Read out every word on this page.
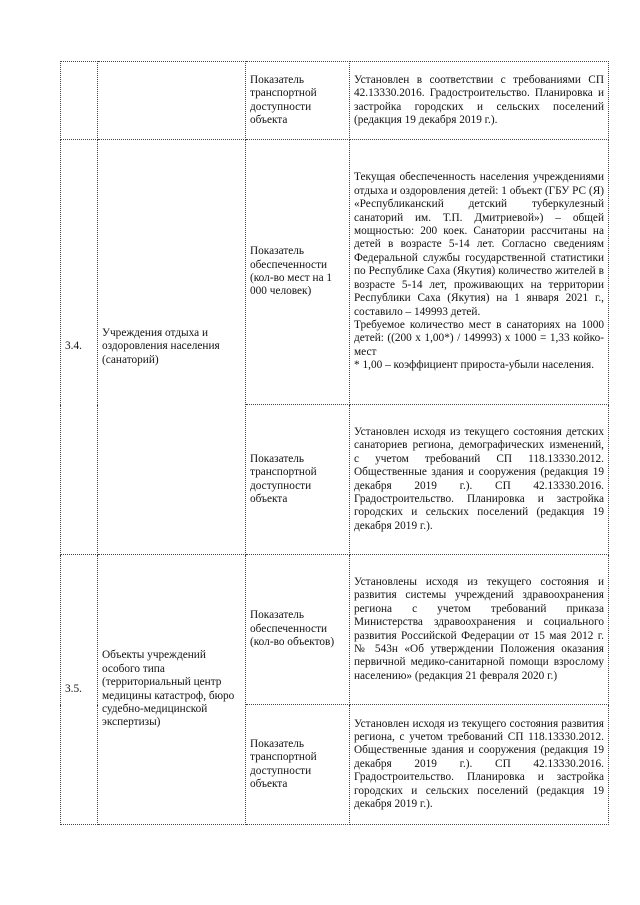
		Показатель транспортной доступности объекта	Установлен в соответствии с требованиями СП 42.13330.2016. Градостроительство. Планировка и застройка городских и сельских поселений (редакция 19 декабря 2019 г.).

3.4.	Учреждения отдыха и оздоровления населения (санаторий)	Показатель обеспеченности (кол-во мест на 1 000 человек)	Текущая обеспеченность населения учреждениями отдыха и оздоровления детей: 1 объект (ГБУ РС (Я) «Республиканский детский туберкулезный санаторий им. Т.П. Дмитриевой») – общей мощностью: 200 коек. Санатории рассчитаны на детей в возрасте 5-14 лет. Согласно сведениям Федеральной службы государственной статистики по Республике Саха (Якутия) количество жителей в возрасте 5-14 лет, проживающих на территории Республики Саха (Якутия) на 1 января 2021 г., составило – 149993 детей.

Требуемое количество мест в санаториях на 1000 детей: ((200 х 1,00*) / 149993) х 1000 = 1,33 койко-мест

* 1,00 – коэффициент прироста-убыли населения.

		Показатель транспортной доступности объекта	Установлен исходя из текущего состояния детских санаториев региона, демографических изменений, с учетом требований СП 118.13330.2012. Общественные здания и сооружения (редакция 19 декабря 2019 г.). СП 42.13330.2016. Градостроительство. Планировка и застройка городских и сельских поселений (редакция 19 декабря 2019 г.).

3.5.	Объекты учреждений особого типа (территориальный центр медицины катастроф, бюро судебно-медицинской экспертизы)	Показатель обеспеченности (кол-во объектов)	Установлены исходя из текущего состояния и развития системы учреждений здравоохранения региона с учетом требований приказа Министерства здравоохранения и социального развития Российской Федерации от 15 мая 2012 г. № 543н «Об утверждении Положения оказания первичной медико-санитарной помощи взрослому населению» (редакция 21 февраля 2020 г.)

		Показатель транспортной доступности объекта	Установлен исходя из текущего состояния развития региона, с учетом требований СП 118.13330.2012. Общественные здания и сооружения (редакция 19 декабря 2019 г.). СП 42.13330.2016. Градостроительство. Планировка и застройка городских и сельских поселений (редакция 19 декабря 2019 г.).
